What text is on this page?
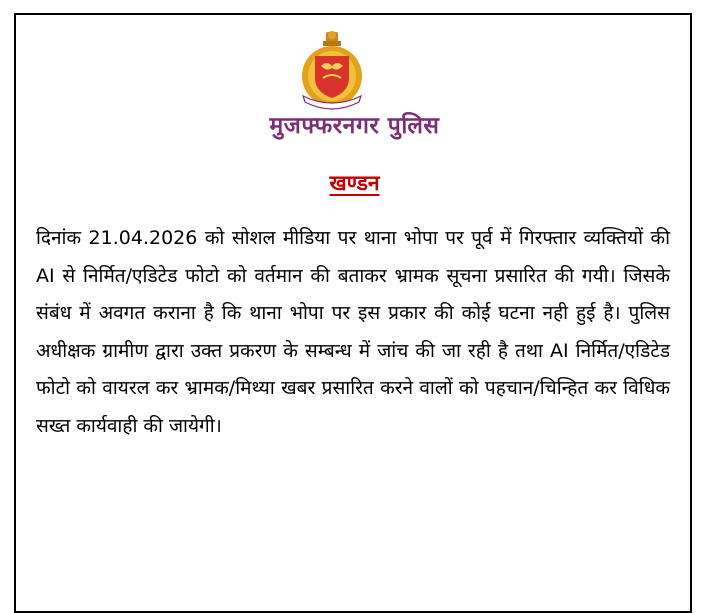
मुजफ्फरनगर पुलिस
खण्डन

दिनांक 21.04.2026 को सोशल मीडिया पर थाना भोपा पर पूर्व में गिरफ्तार व्यक्तियों की AI से निर्मित/एडिटेड फोटो को वर्तमान की बताकर भ्रामक सूचना प्रसारित की गयी। जिसके संबंध में अवगत कराना है कि थाना भोपा पर इस प्रकार की कोई घटना नही हुई है। पुलिस अधीक्षक ग्रामीण द्वारा उक्त प्रकरण के सम्बन्ध में जांच की जा रही है तथा AI निर्मित/एडिटेड फोटो को वायरल कर भ्रामक/मिथ्या खबर प्रसारित करने वालों को पहचान/चिन्हित कर विधिक सख्त कार्यवाही की जायेगी।
